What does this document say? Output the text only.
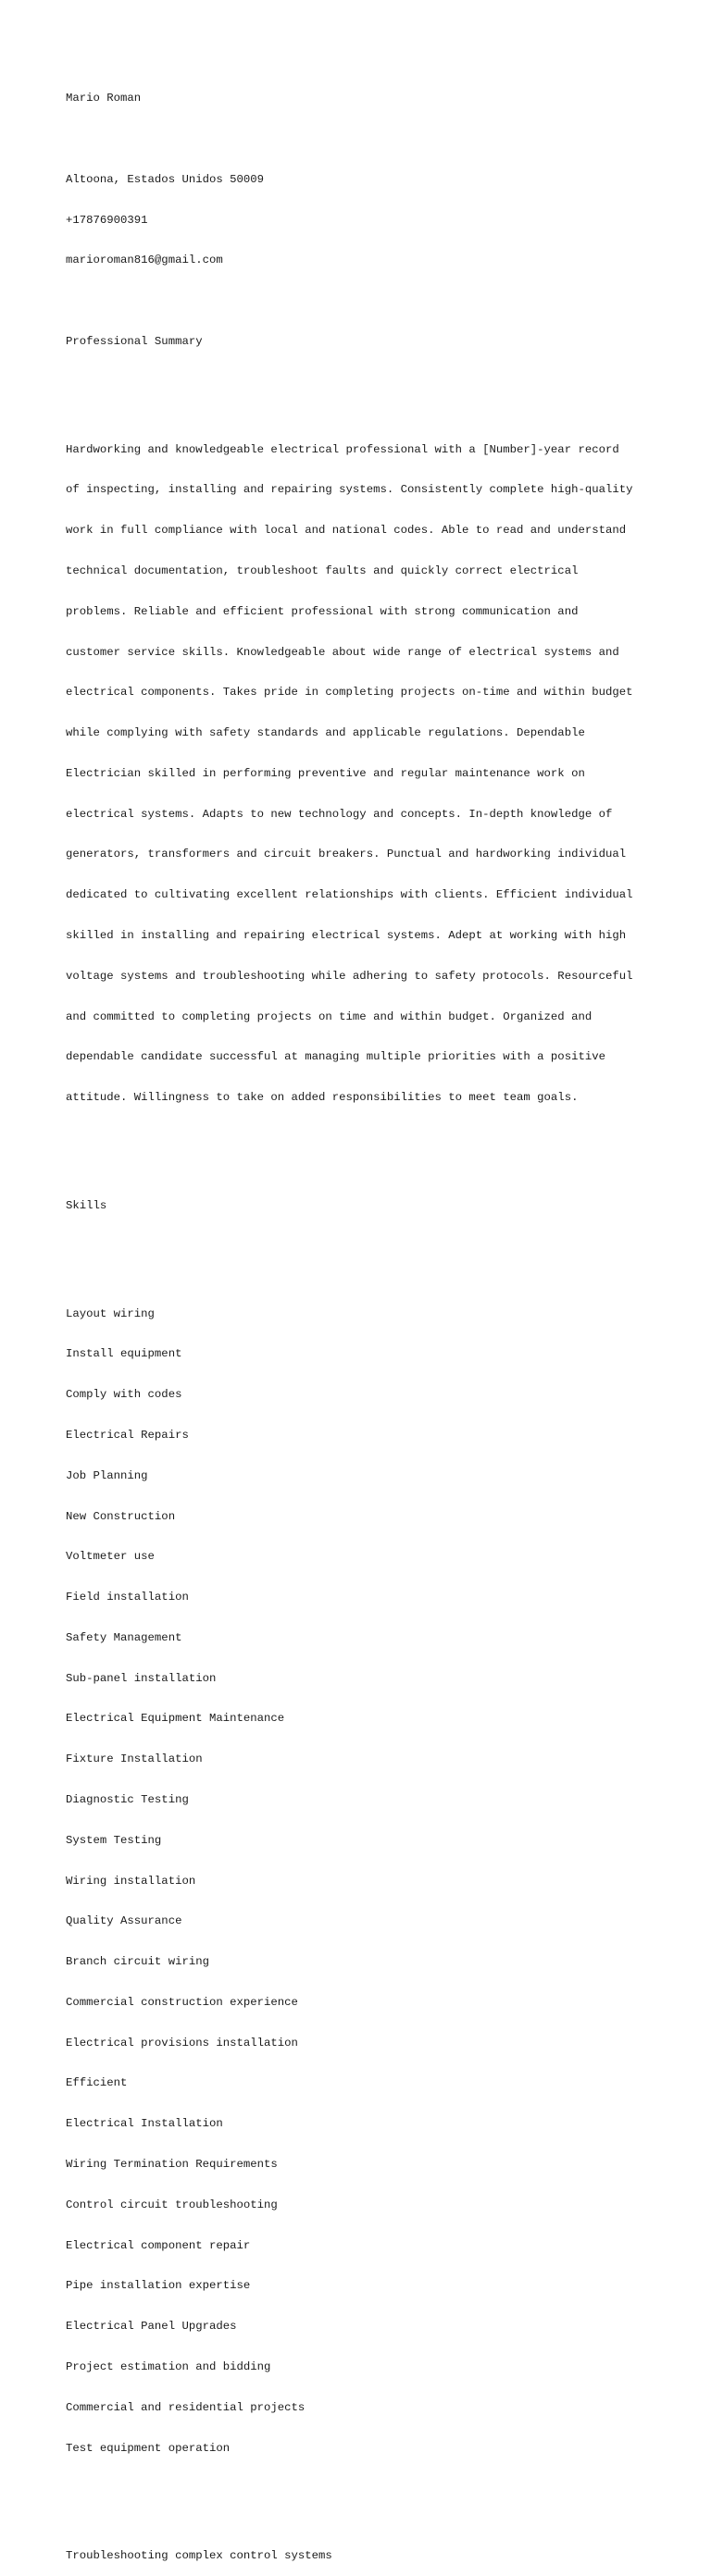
Mario Roman

Altoona, Estados Unidos 50009

+17876900391

marioroman816@gmail.com

Professional Summary

Hardworking and knowledgeable electrical professional with a [Number]-year record

of inspecting, installing and repairing systems. Consistently complete high-quality

work in full compliance with local and national codes. Able to read and understand

technical documentation, troubleshoot faults and quickly correct electrical

problems. Reliable and efficient professional with strong communication and

customer service skills. Knowledgeable about wide range of electrical systems and

electrical components. Takes pride in completing projects on-time and within budget

while complying with safety standards and applicable regulations. Dependable

Electrician skilled in performing preventive and regular maintenance work on

electrical systems. Adapts to new technology and concepts. In-depth knowledge of

generators, transformers and circuit breakers. Punctual and hardworking individual

dedicated to cultivating excellent relationships with clients. Efficient individual

skilled in installing and repairing electrical systems. Adept at working with high

voltage systems and troubleshooting while adhering to safety protocols. Resourceful

and committed to completing projects on time and within budget. Organized and

dependable candidate successful at managing multiple priorities with a positive

attitude. Willingness to take on added responsibilities to meet team goals.

Skills

Layout wiring

Install equipment

Comply with codes

Electrical Repairs

Job Planning

New Construction

Voltmeter use

Field installation

Safety Management

Sub-panel installation

Electrical Equipment Maintenance

Fixture Installation

Diagnostic Testing

System Testing

Wiring installation

Quality Assurance

Branch circuit wiring

Commercial construction experience

Electrical provisions installation

Efficient

Electrical Installation

Wiring Termination Requirements

Control circuit troubleshooting

Electrical component repair

Pipe installation expertise

Electrical Panel Upgrades

Project estimation and bidding

Commercial and residential projects

Test equipment operation

Troubleshooting complex control systems
